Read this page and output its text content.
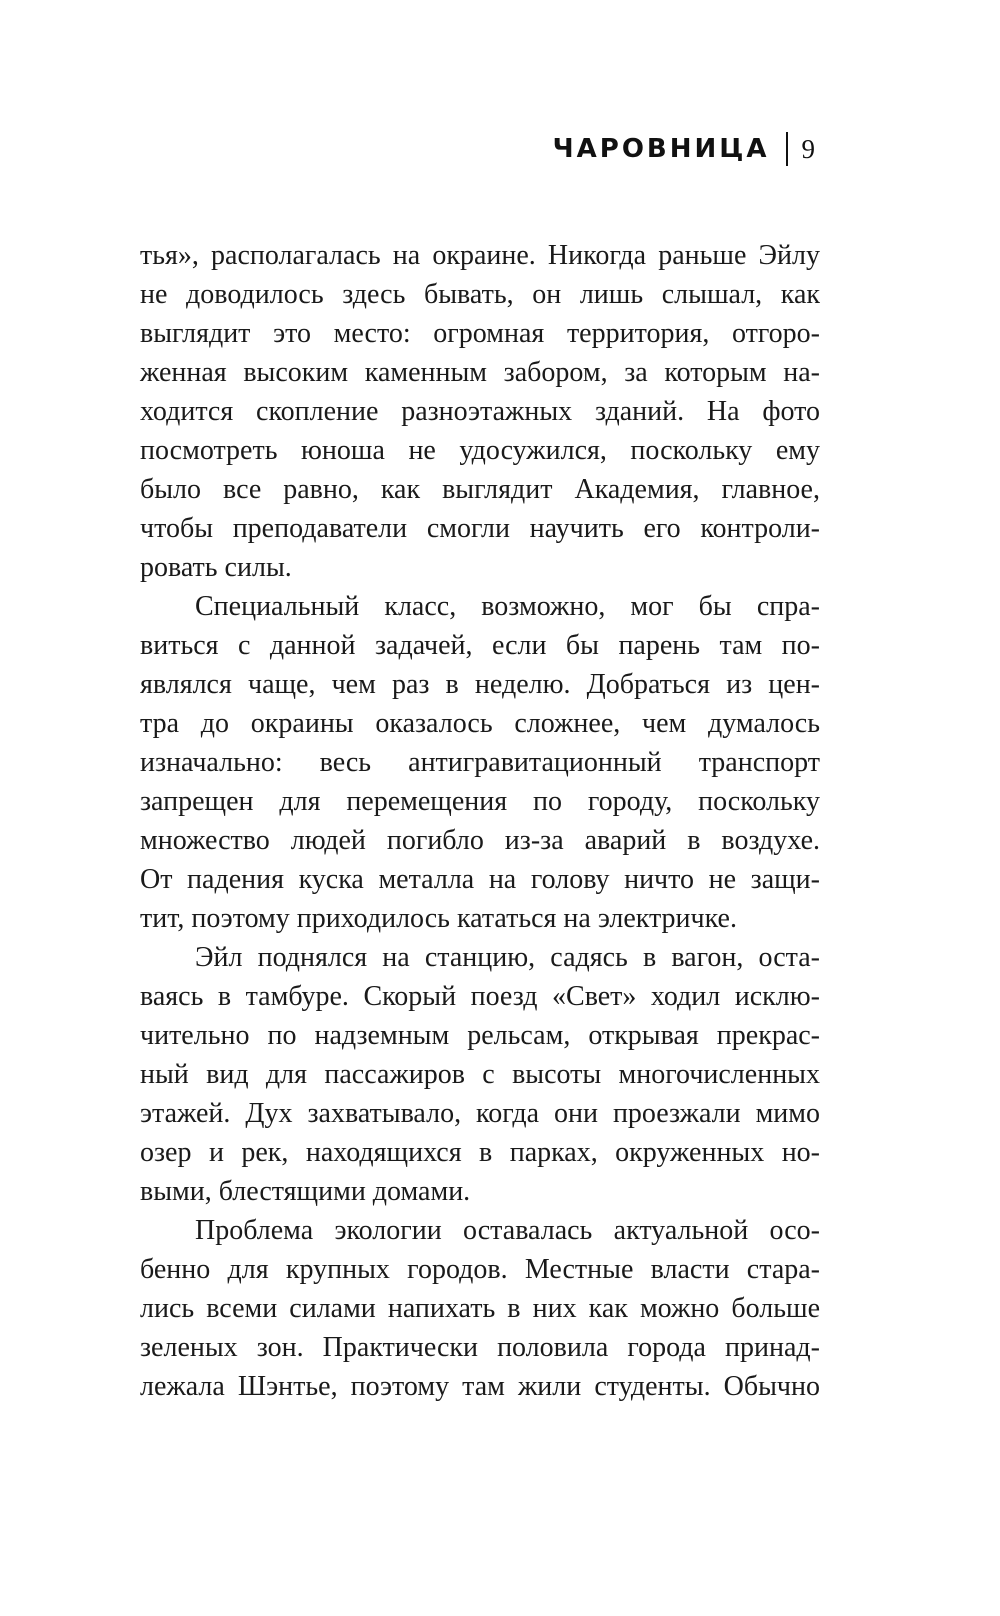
ЧАРОВНИЦА 9
тья», располагалась на окраине. Никогда раньше Эйлу
не доводилось здесь бывать, он лишь слышал, как
выглядит это место: огромная территория, отгоро-
женная высоким каменным забором, за которым на-
ходится скопление разноэтажных зданий. На фото
посмотреть юноша не удосужился, поскольку ему
было все равно, как выглядит Академия, главное,
чтобы преподаватели смогли научить его контроли-
ровать силы.
Специальный класс, возможно, мог бы спра-
виться с данной задачей, если бы парень там по-
являлся чаще, чем раз в неделю. Добраться из цен-
тра до окраины оказалось сложнее, чем думалось
изначально: весь антигравитационный транспорт
запрещен для перемещения по городу, поскольку
множество людей погибло из-за аварий в воздухе.
От падения куска металла на голову ничто не защи-
тит, поэтому приходилось кататься на электричке.
Эйл поднялся на станцию, садясь в вагон, оста-
ваясь в тамбуре. Скорый поезд «Свет» ходил исклю-
чительно по надземным рельсам, открывая прекрас-
ный вид для пассажиров с высоты многочисленных
этажей. Дух захватывало, когда они проезжали мимо
озер и рек, находящихся в парках, окруженных но-
выми, блестящими домами.
Проблема экологии оставалась актуальной осо-
бенно для крупных городов. Местные власти стара-
лись всеми силами напихать в них как можно больше
зеленых зон. Практически половила города принад-
лежала Шэнтье, поэтому там жили студенты. Обычно
